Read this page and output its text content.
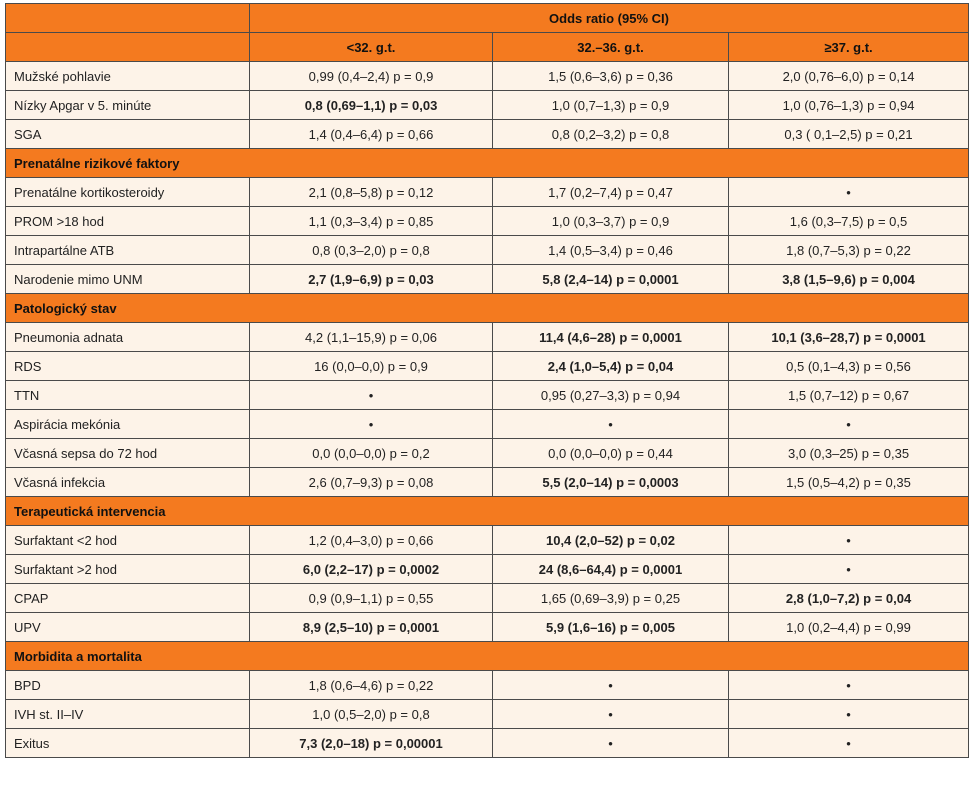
	Odds ratio (95% CI)		
	<32. g.t.	32.–36. g.t.	≥37. g.t.
Mužské pohlavie	0,99 (0,4–2,4) p = 0,9	1,5 (0,6–3,6) p = 0,36	2,0 (0,76–6,0) p = 0,14
Nízky Apgar v 5. minúte	0,8 (0,69–1,1) p = 0,03	1,0 (0,7–1,3) p = 0,9	1,0 (0,76–1,3) p = 0,94
SGA	1,4 (0,4–6,4) p = 0,66	0,8 (0,2–3,2) p = 0,8	0,3 ( 0,1–2,5) p = 0,21
Prenatálne rizikové faktory			
Prenatálne kortikosteroidy	2,1 (0,8–5,8) p = 0,12	1,7 (0,2–7,4) p = 0,47	•
PROM >18 hod	1,1 (0,3–3,4) p = 0,85	1,0 (0,3–3,7) p = 0,9	1,6 (0,3–7,5) p = 0,5
Intrapartálne ATB	0,8 (0,3–2,0) p = 0,8	1,4 (0,5–3,4) p = 0,46	1,8 (0,7–5,3) p = 0,22
Narodenie mimo UNM	2,7 (1,9–6,9) p = 0,03	5,8 (2,4–14) p = 0,0001	3,8 (1,5–9,6) p = 0,004
Patologický stav			
Pneumonia adnata	4,2 (1,1–15,9) p = 0,06	11,4 (4,6–28) p = 0,0001	10,1 (3,6–28,7) p = 0,0001
RDS	16 (0,0–0,0) p = 0,9	2,4 (1,0–5,4) p = 0,04	0,5 (0,1–4,3) p = 0,56
TTN	•	0,95 (0,27–3,3) p = 0,94	1,5 (0,7–12) p = 0,67
Aspirácia mekónia	•	•	•
Včasná sepsa do 72 hod	0,0 (0,0–0,0) p = 0,2	0,0 (0,0–0,0) p = 0,44	3,0 (0,3–25) p = 0,35
Včasná infekcia	2,6 (0,7–9,3) p = 0,08	5,5 (2,0–14) p = 0,0003	1,5 (0,5–4,2) p = 0,35
Terapeutická intervencia			
Surfaktant <2 hod	1,2 (0,4–3,0) p = 0,66	10,4 (2,0–52) p = 0,02	•
Surfaktant >2 hod	6,0 (2,2–17) p = 0,0002	24 (8,6–64,4) p = 0,0001	•
CPAP	0,9 (0,9–1,1) p = 0,55	1,65 (0,69–3,9) p = 0,25	2,8 (1,0–7,2) p = 0,04
UPV	8,9 (2,5–10) p = 0,0001	5,9 (1,6–16) p = 0,005	1,0 (0,2–4,4) p = 0,99
Morbidita a mortalita			
BPD	1,8 (0,6–4,6) p = 0,22	•	•
IVH st. II–IV	1,0 (0,5–2,0) p = 0,8	•	•
Exitus	7,3 (2,0–18) p = 0,00001	•	•
